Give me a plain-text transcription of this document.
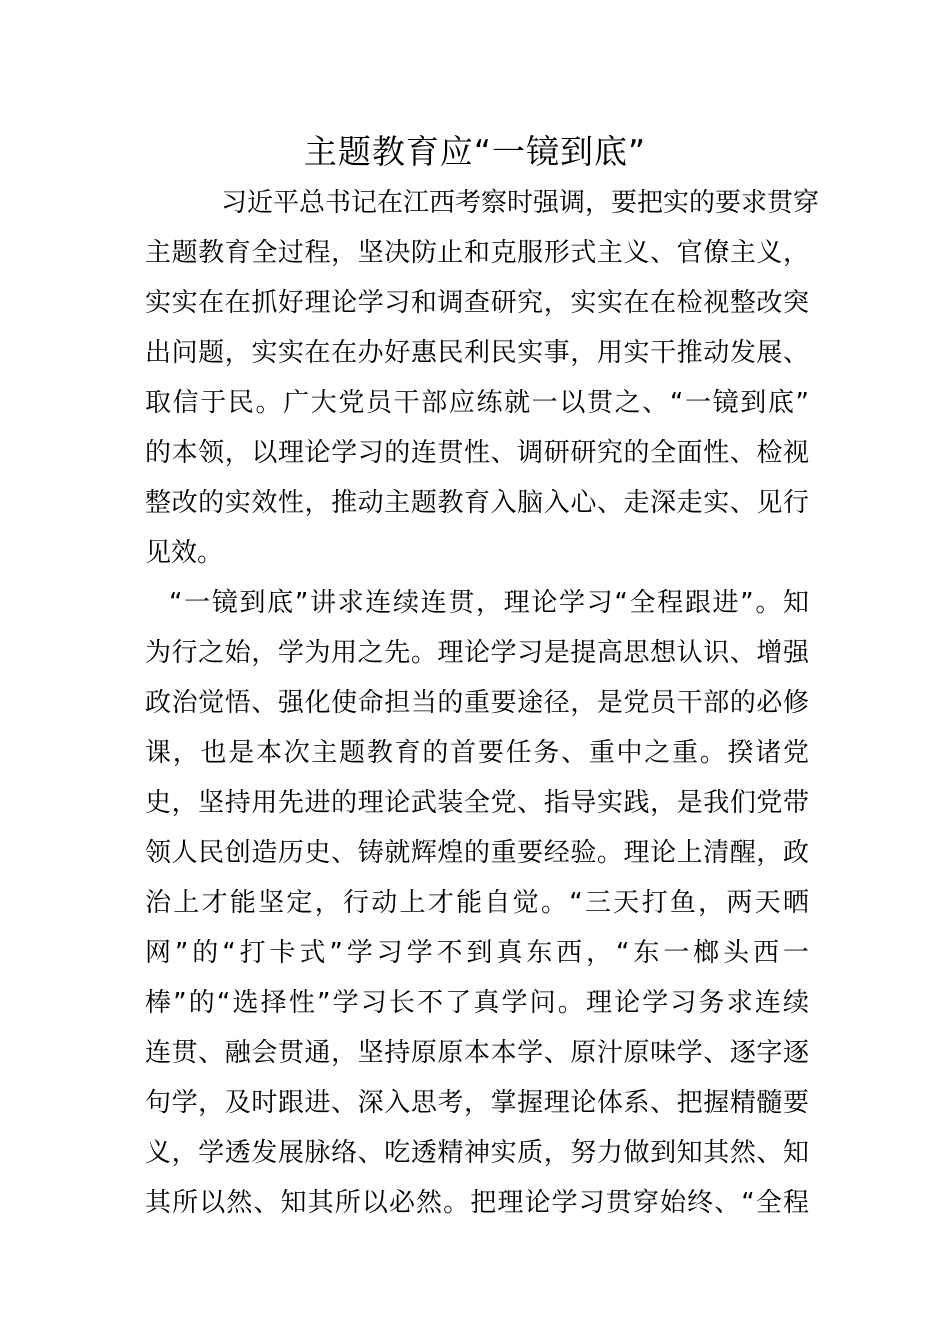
主题教育应“一镜到底”
习近平总书记在江西考察时强调，要把实的要求贯穿
主题教育全过程，坚决防止和克服形式主义、官僚主义，
实实在在抓好理论学习和调查研究，实实在在检视整改突
出问题，实实在在办好惠民利民实事，用实干推动发展、
取信于民。广大党员干部应练就一以贯之、“一镜到底”
的本领，以理论学习的连贯性、调研研究的全面性、检视
整改的实效性，推动主题教育入脑入心、走深走实、见行
见效。
“一镜到底”讲求连续连贯，理论学习“全程跟进”。知
为行之始，学为用之先。理论学习是提高思想认识、增强
政治觉悟、强化使命担当的重要途径，是党员干部的必修
课，也是本次主题教育的首要任务、重中之重。揆诸党
史，坚持用先进的理论武装全党、指导实践，是我们党带
领人民创造历史、铸就辉煌的重要经验。理论上清醒，政
治上才能坚定，行动上才能自觉。“三天打鱼，两天晒
网”的“打卡式”学习学不到真东西，“东一榔头西一
棒”的“选择性”学习长不了真学问。理论学习务求连续
连贯、融会贯通，坚持原原本本学、原汁原味学、逐字逐
句学，及时跟进、深入思考，掌握理论体系、把握精髓要
义，学透发展脉络、吃透精神实质，努力做到知其然、知
其所以然、知其所以必然。把理论学习贯穿始终、“全程
